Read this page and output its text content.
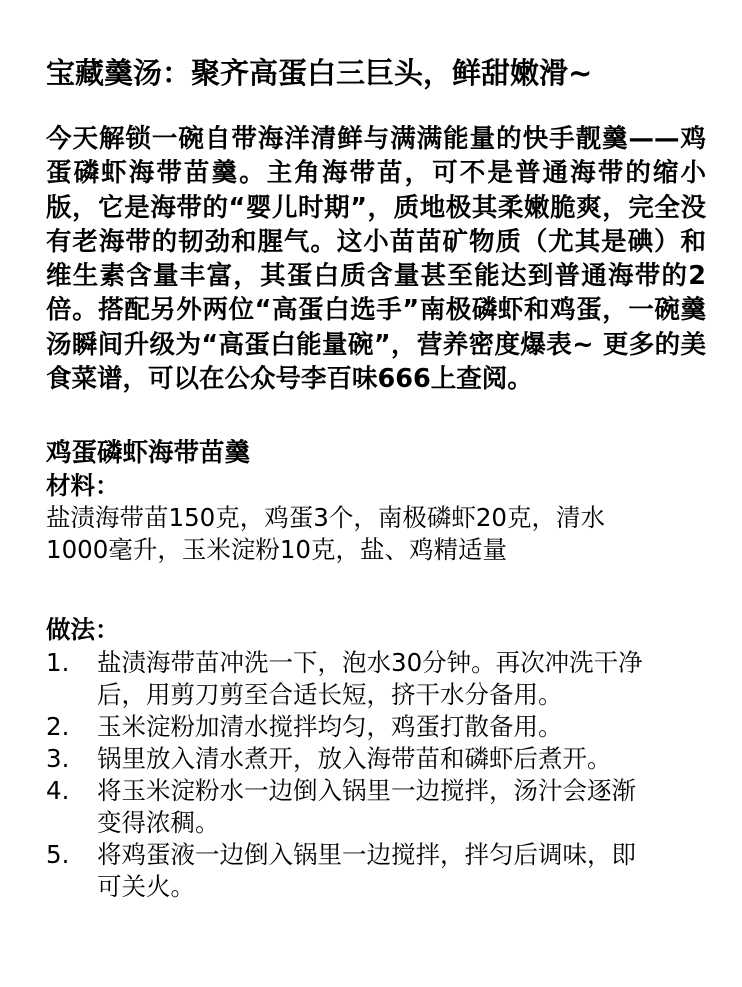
宝藏羹汤：聚齐高蛋白三巨头，鲜甜嫩滑~

今天解锁一碗自带海洋清鲜与满满能量的快手靓羹——鸡蛋磷虾海带苗羹。主角海带苗，可不是普通海带的缩小版，它是海带的“婴儿时期”，质地极其柔嫩脆爽，完全没有老海带的韧劲和腥气。这小苗苗矿物质（尤其是碘）和维生素含量丰富，其蛋白质含量甚至能达到普通海带的2倍。搭配另外两位“高蛋白选手”南极磷虾和鸡蛋，一碗羹汤瞬间升级为“高蛋白能量碗”，营养密度爆表~ 更多的美食菜谱，可以在公众号李百味666上查阅。

鸡蛋磷虾海带苗羹
材料：
盐渍海带苗150克，鸡蛋3个，南极磷虾20克，清水
1000毫升，玉米淀粉10克，盐、鸡精适量
做法：
1.	盐渍海带苗冲洗一下，泡水30分钟。再次冲洗干净
后，用剪刀剪至合适长短，挤干水分备用。
2.	玉米淀粉加清水搅拌均匀，鸡蛋打散备用。
3.	锅里放入清水煮开，放入海带苗和磷虾后煮开。
4.	将玉米淀粉水一边倒入锅里一边搅拌，汤汁会逐渐
变得浓稠。
5.	将鸡蛋液一边倒入锅里一边搅拌，拌匀后调味，即
可关火。
